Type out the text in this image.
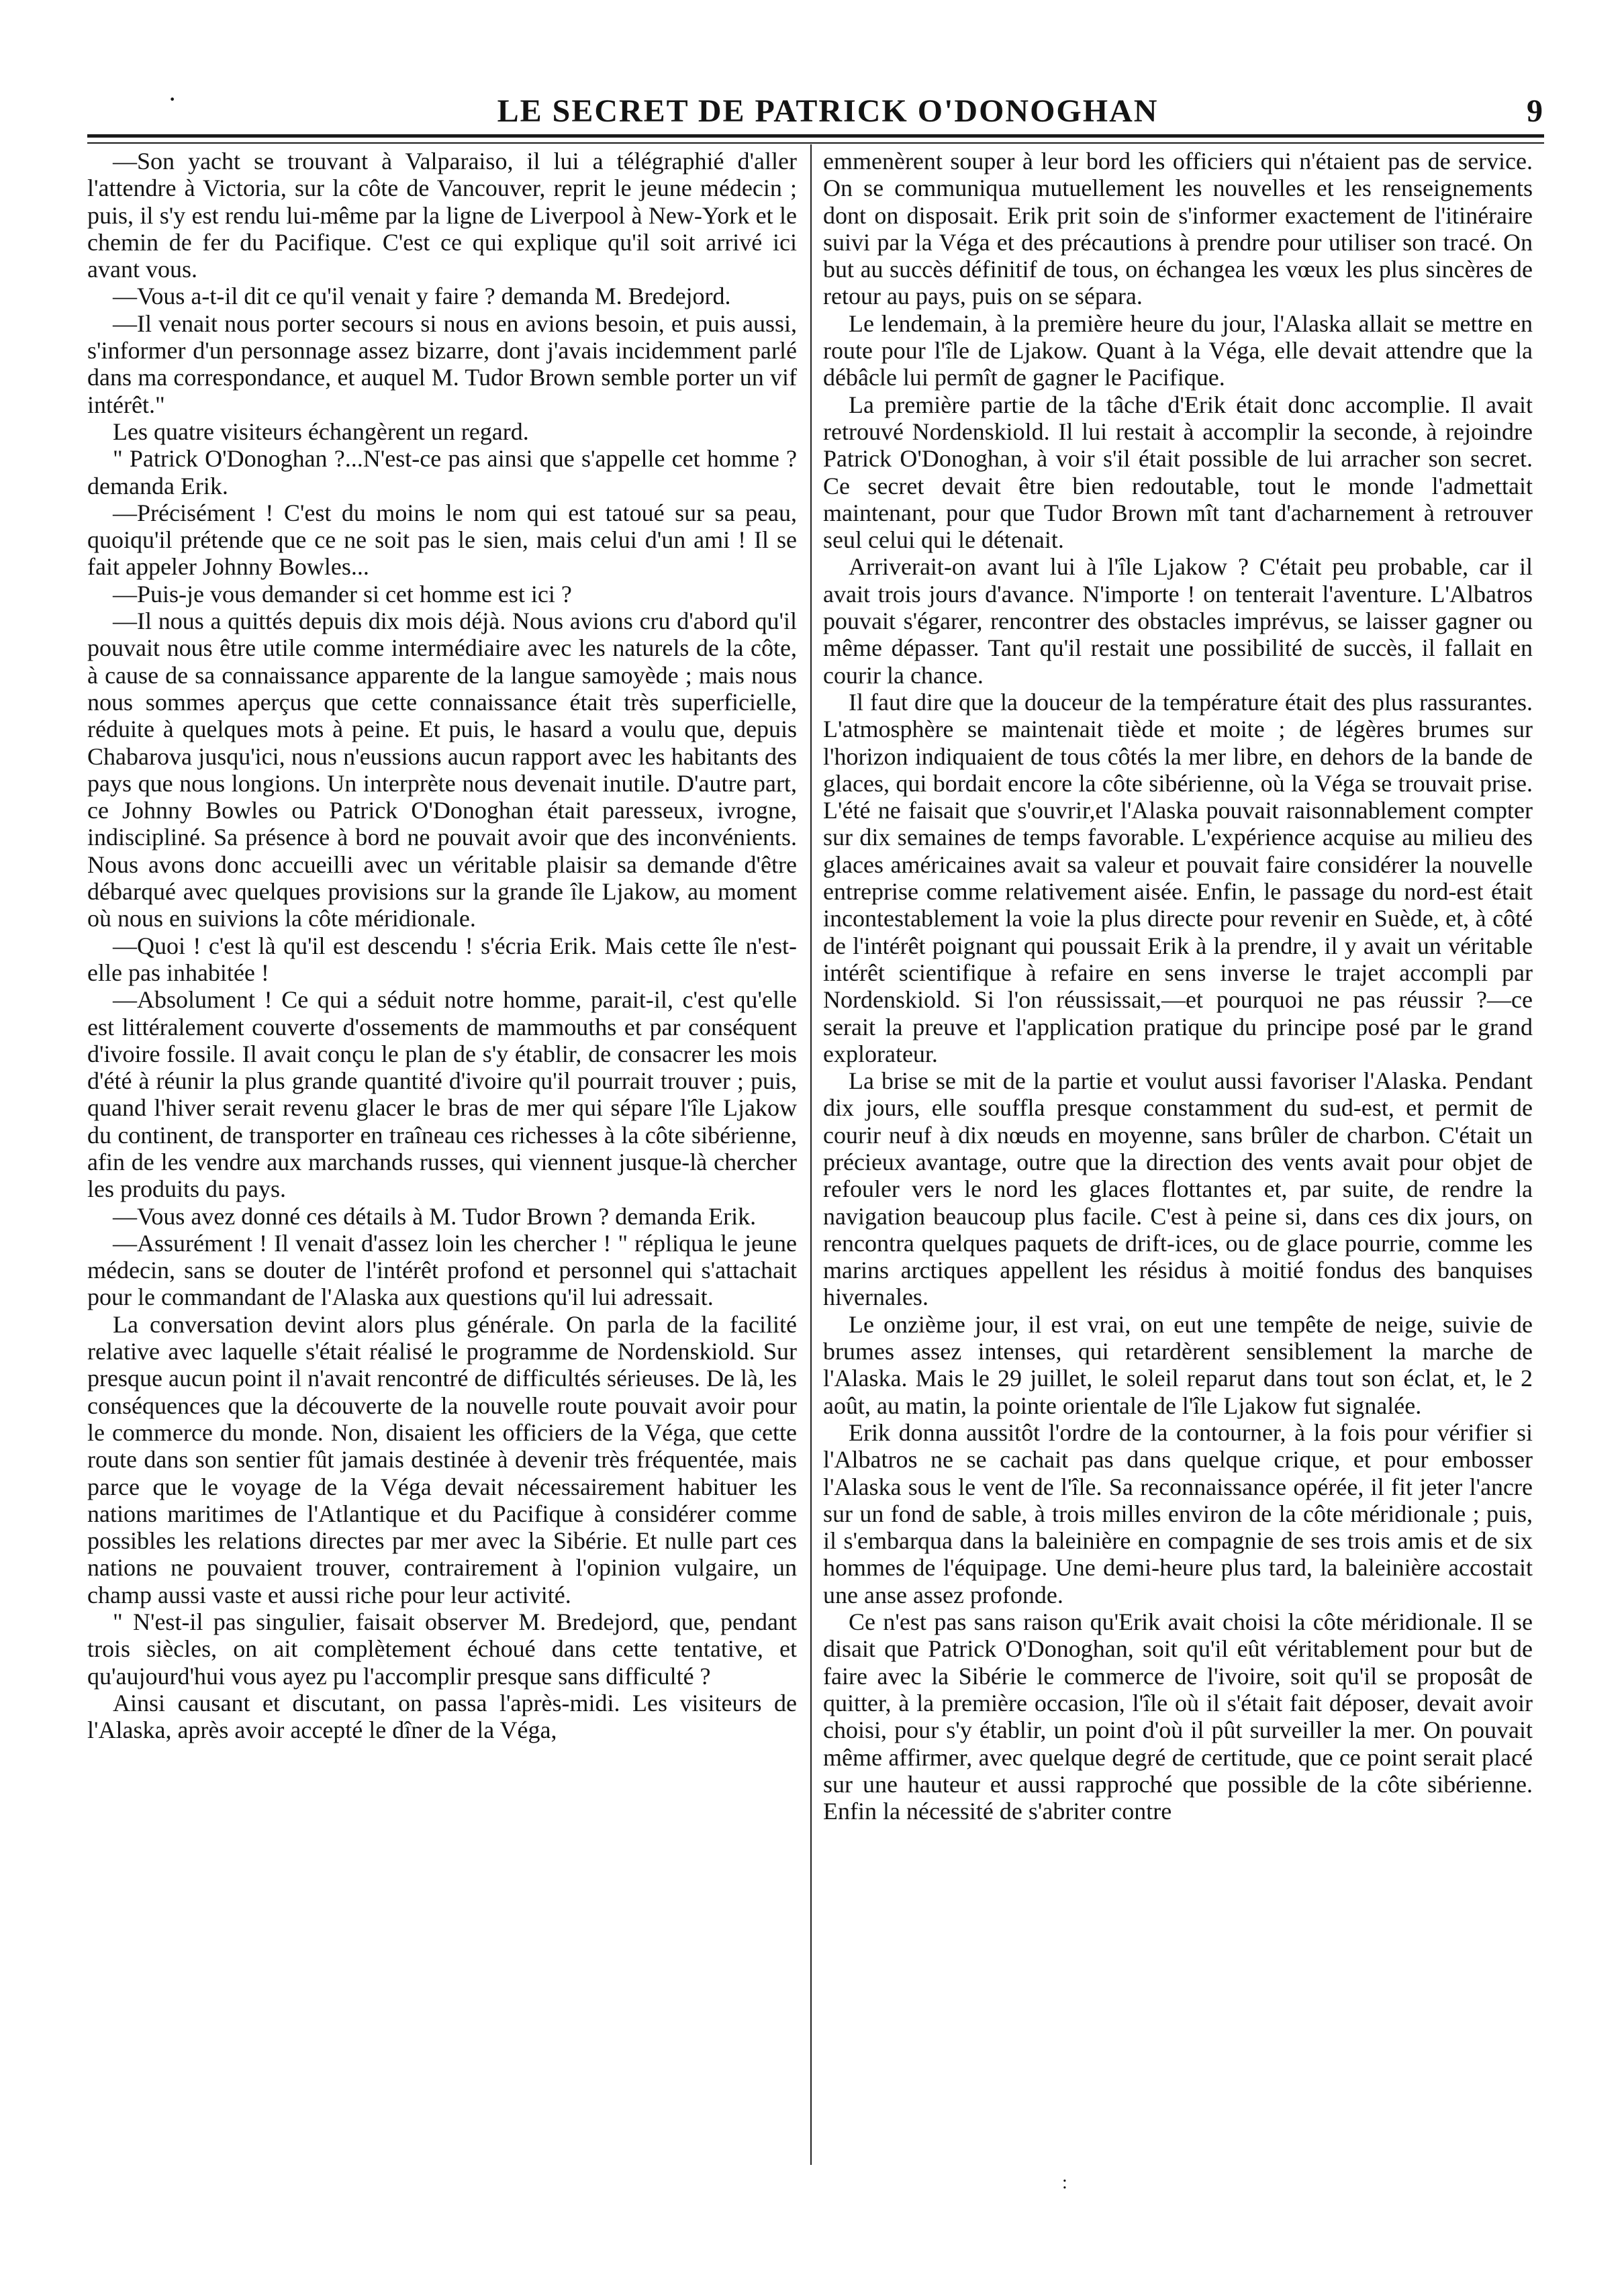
·	LE SECRET DE PATRICK O'DONOGHAN	9

—Son yacht se trouvant à Valparaiso, il lui a télégraphié d'aller l'attendre à Victoria, sur la côte de Vancouver, reprit le jeune médecin ; puis, il s'y est rendu lui-même par la ligne de Liverpool à New-York et le chemin de fer du Pacifique. C'est ce qui explique qu'il soit arrivé ici avant vous.

—Vous a-t-il dit ce qu'il venait y faire ? demanda M. Bredejord.

—Il venait nous porter secours si nous en avions besoin, et puis aussi, s'informer d'un personnage assez bizarre, dont j'avais incidemment parlé dans ma correspondance, et auquel M. Tudor Brown semble porter un vif intérêt."

Les quatre visiteurs échangèrent un regard.

" Patrick O'Donoghan ?...N'est-ce pas ainsi que s'appelle cet homme ? demanda Erik.

—Précisément ! C'est du moins le nom qui est tatoué sur sa peau, quoiqu'il prétende que ce ne soit pas le sien, mais celui d'un ami ! Il se fait appeler Johnny Bowles...

—Puis-je vous demander si cet homme est ici ?

—Il nous a quittés depuis dix mois déjà. Nous avions cru d'abord qu'il pouvait nous être utile comme intermédiaire avec les naturels de la côte, à cause de sa connaissance apparente de la langue samoyède ; mais nous nous sommes aperçus que cette connaissance était très superficielle, réduite à quelques mots à peine. Et puis, le hasard a voulu que, depuis Chabarova jusqu'ici, nous n'eussions aucun rapport avec les habitants des pays que nous longions. Un interprète nous devenait inutile. D'autre part, ce Johnny Bowles ou Patrick O'Donoghan était paresseux, ivrogne, indiscipliné. Sa présence à bord ne pouvait avoir que des inconvénients. Nous avons donc accueilli avec un véritable plaisir sa demande d'être débarqué avec quelques provisions sur la grande île Ljakow, au moment où nous en suivions la côte méridionale.

—Quoi ! c'est là qu'il est descendu ! s'écria Erik. Mais cette île n'est-elle pas inhabitée !

—Absolument ! Ce qui a séduit notre homme, parait-il, c'est qu'elle est littéralement couverte d'ossements de mammouths et par conséquent d'ivoire fossile. Il avait conçu le plan de s'y établir, de consacrer les mois d'été à réunir la plus grande quantité d'ivoire qu'il pourrait trouver ; puis, quand l'hiver serait revenu glacer le bras de mer qui sépare l'île Ljakow du continent, de transporter en traîneau ces richesses à la côte sibérienne, afin de les vendre aux marchands russes, qui viennent jusque-là chercher les produits du pays.

—Vous avez donné ces détails à M. Tudor Brown ? demanda Erik.

—Assurément ! Il venait d'assez loin les chercher ! " répliqua le jeune médecin, sans se douter de l'intérêt profond et personnel qui s'attachait pour le commandant de l'Alaska aux questions qu'il lui adressait.

La conversation devint alors plus générale. On parla de la facilité relative avec laquelle s'était réalisé le programme de Nordenskiold. Sur presque aucun point il n'avait rencontré de difficultés sérieuses. De là, les conséquences que la découverte de la nouvelle route pouvait avoir pour le commerce du monde. Non, disaient les officiers de la Véga, que cette route dans son sentier fût jamais destinée à devenir très fréquentée, mais parce que le voyage de la Véga devait nécessairement habituer les nations maritimes de l'Atlantique et du Pacifique à considérer comme possibles les relations directes par mer avec la Sibérie. Et nulle part ces nations ne pouvaient trouver, contrairement à l'opinion vulgaire, un champ aussi vaste et aussi riche pour leur activité.

" N'est-il pas singulier, faisait observer M. Bredejord, que, pendant trois siècles, on ait complètement échoué dans cette tentative, et qu'aujourd'hui vous ayez pu l'accomplir presque sans difficulté ?

Ainsi causant et discutant, on passa l'après-midi. Les visiteurs de l'Alaska, après avoir accepté le dîner de la Véga,

emmenèrent souper à leur bord les officiers qui n'étaient pas de service. On se communiqua mutuellement les nouvelles et les renseignements dont on disposait. Erik prit soin de s'informer exactement de l'itinéraire suivi par la Véga et des précautions à prendre pour utiliser son tracé. On but au succès définitif de tous, on échangea les vœux les plus sincères de retour au pays, puis on se sépara.

Le lendemain, à la première heure du jour, l'Alaska allait se mettre en route pour l'île de Ljakow. Quant à la Véga, elle devait attendre que la débâcle lui permît de gagner le Pacifique.

La première partie de la tâche d'Erik était donc accomplie. Il avait retrouvé Nordenskiold. Il lui restait à accomplir la seconde, à rejoindre Patrick O'Donoghan, à voir s'il était possible de lui arracher son secret. Ce secret devait être bien redoutable, tout le monde l'admettait maintenant, pour que Tudor Brown mît tant d'acharnement à retrouver seul celui qui le détenait.

Arriverait-on avant lui à l'île Ljakow ? C'était peu probable, car il avait trois jours d'avance. N'importe ! on tenterait l'aventure. L'Albatros pouvait s'égarer, rencontrer des obstacles imprévus, se laisser gagner ou même dépasser. Tant qu'il restait une possibilité de succès, il fallait en courir la chance.

Il faut dire que la douceur de la température était des plus rassurantes. L'atmosphère se maintenait tiède et moite ; de légères brumes sur l'horizon indiquaient de tous côtés la mer libre, en dehors de la bande de glaces, qui bordait encore la côte sibérienne, où la Véga se trouvait prise. L'été ne faisait que s'ouvrir,et l'Alaska pouvait raisonnablement compter sur dix semaines de temps favorable. L'expérience acquise au milieu des glaces américaines avait sa valeur et pouvait faire considérer la nouvelle entreprise comme relativement aisée. Enfin, le passage du nord-est était incontestablement la voie la plus directe pour revenir en Suède, et, à côté de l'intérêt poignant qui poussait Erik à la prendre, il y avait un véritable intérêt scientifique à refaire en sens inverse le trajet accompli par Nordenskiold. Si l'on réussissait,—et pourquoi ne pas réussir ?—ce serait la preuve et l'application pratique du principe posé par le grand explorateur.

La brise se mit de la partie et voulut aussi favoriser l'Alaska. Pendant dix jours, elle souffla presque constamment du sud-est, et permit de courir neuf à dix nœuds en moyenne, sans brûler de charbon. C'était un précieux avantage, outre que la direction des vents avait pour objet de refouler vers le nord les glaces flottantes et, par suite, de rendre la navigation beaucoup plus facile. C'est à peine si, dans ces dix jours, on rencontra quelques paquets de drift-ices, ou de glace pourrie, comme les marins arctiques appellent les résidus à moitié fondus des banquises hivernales.

Le onzième jour, il est vrai, on eut une tempête de neige, suivie de brumes assez intenses, qui retardèrent sensiblement la marche de l'Alaska. Mais le 29 juillet, le soleil reparut dans tout son éclat, et, le 2 août, au matin, la pointe orientale de l'île Ljakow fut signalée.

Erik donna aussitôt l'ordre de la contourner, à la fois pour vérifier si l'Albatros ne se cachait pas dans quelque crique, et pour embosser l'Alaska sous le vent de l'île. Sa reconnaissance opérée, il fit jeter l'ancre sur un fond de sable, à trois milles environ de la côte méridionale ; puis, il s'embarqua dans la baleinière en compagnie de ses trois amis et de six hommes de l'équipage. Une demi-heure plus tard, la baleinière accostait une anse assez profonde.

Ce n'est pas sans raison qu'Erik avait choisi la côte méridionale. Il se disait que Patrick O'Donoghan, soit qu'il eût véritablement pour but de faire avec la Sibérie le commerce de l'ivoire, soit qu'il se proposât de quitter, à la première occasion, l'île où il s'était fait déposer, devait avoir choisi, pour s'y établir, un point d'où il pût surveiller la mer. On pouvait même affirmer, avec quelque degré de certitude, que ce point serait placé sur une hauteur et aussi rapproché que possible de la côte sibérienne. Enfin la nécessité de s'abriter contre

:
